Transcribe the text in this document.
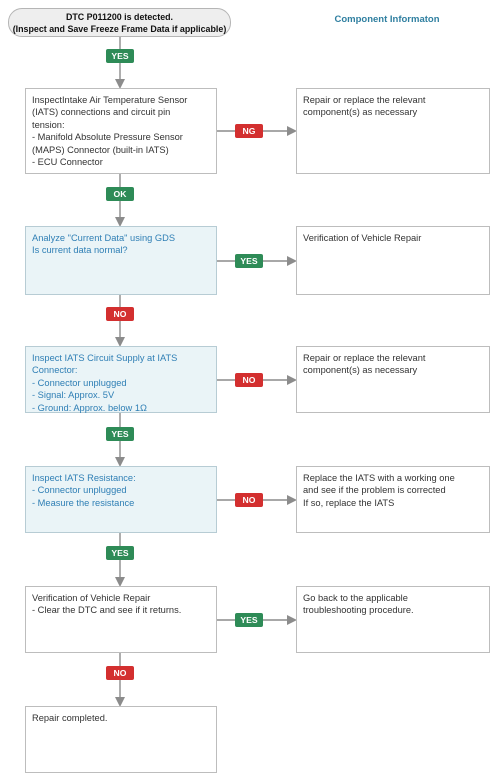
DTC P011200 is detected.
(Inspect and Save Freeze Frame Data if applicable)
Component Informaton
InspectIntake Air Temperature Sensor
(IATS) connections and circuit pin
tension:
- Manifold Absolute Pressure Sensor
(MAPS) Connector (built-in IATS)
- ECU Connector
Analyze "Current Data" using GDS
Is current data normal?
Inspect IATS Circuit Supply at IATS
Connector:
- Connector unplugged
- Signal: Approx. 5V
- Ground: Approx. below 1Ω
Inspect IATS Resistance:
- Connector unplugged
- Measure the resistance
Verification of Vehicle Repair
- Clear the DTC and see if it returns.
Repair completed.
Repair or replace the relevant
component(s) as necessary
Verification of Vehicle Repair
Repair or replace the relevant
component(s) as necessary
Replace the IATS with a working one
and see if the problem is corrected
If so, replace the IATS
Go back to the applicable
troubleshooting procedure.
YES
OK
NO
YES
YES
NO
NG
YES
NO
NO
YES
